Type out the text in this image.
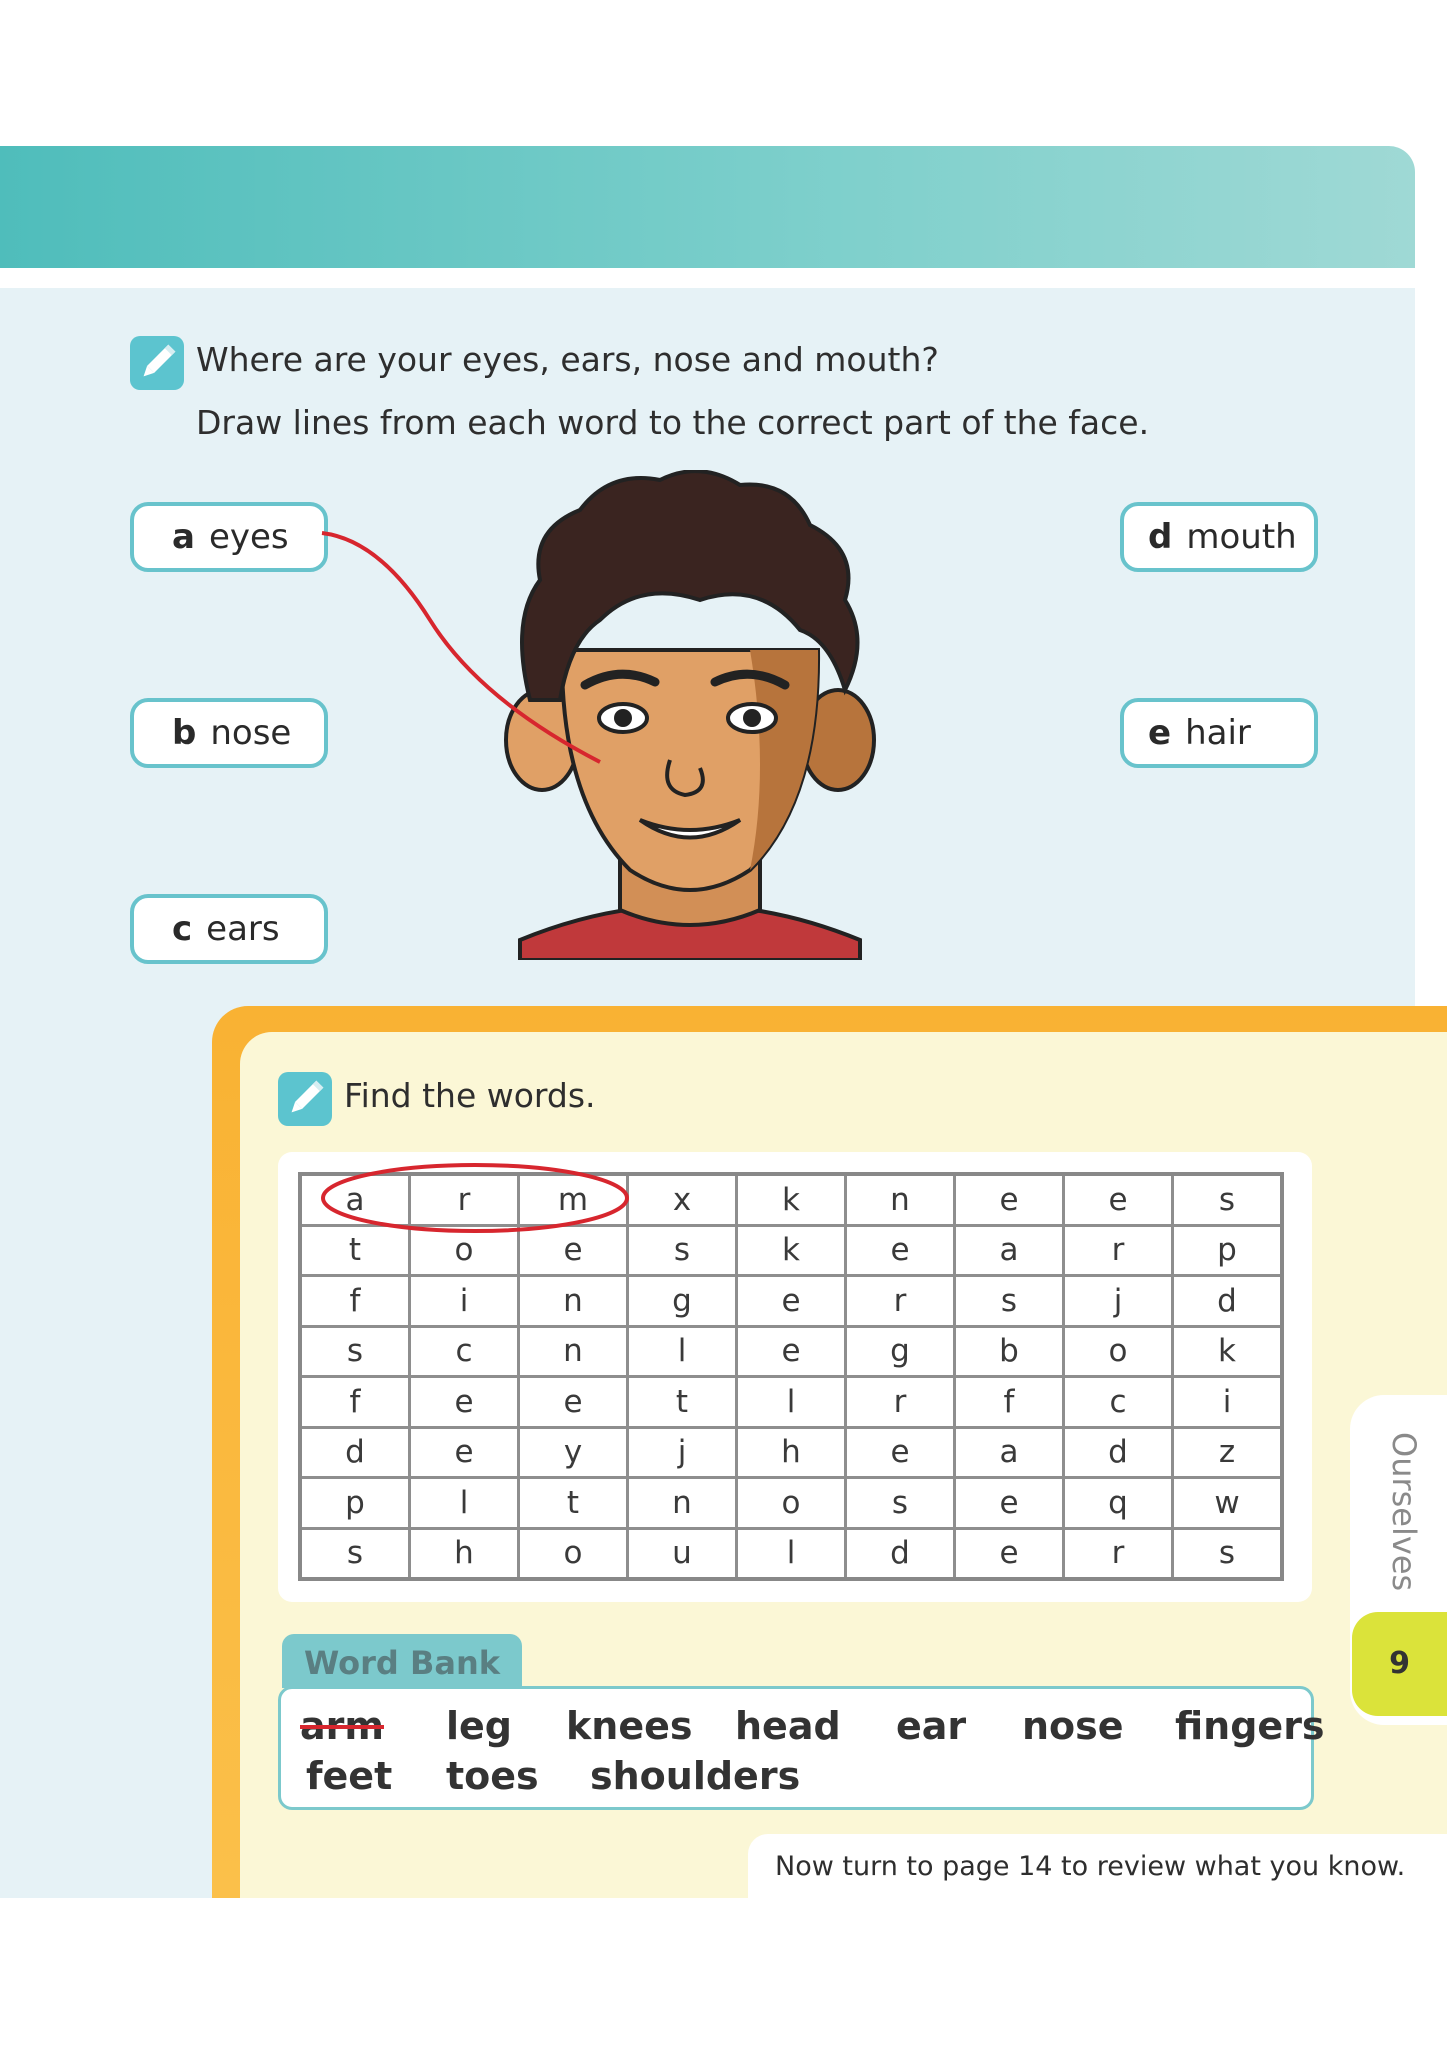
Where are your eyes, ears, nose and mouth?
Draw lines from each word to the correct part of the face.
a eyes
b nose
c ears
d mouth
e hair
Find the words.
a	r	m	x	k	n	e	e	s
t	o	e	s	k	e	a	r	p
f	i	n	g	e	r	s	j	d
s	c	n	l	e	g	b	o	k
f	e	e	t	l	r	f	c	i
d	e	y	j	h	e	a	d	z
p	l	t	n	o	s	e	q	w
s	h	o	u	l	d	e	r	s
Word Bank
arm leg knees head ear nose fingers
feet toes shoulders
Now turn to page 14 to review what you know.
Ourselves
9
